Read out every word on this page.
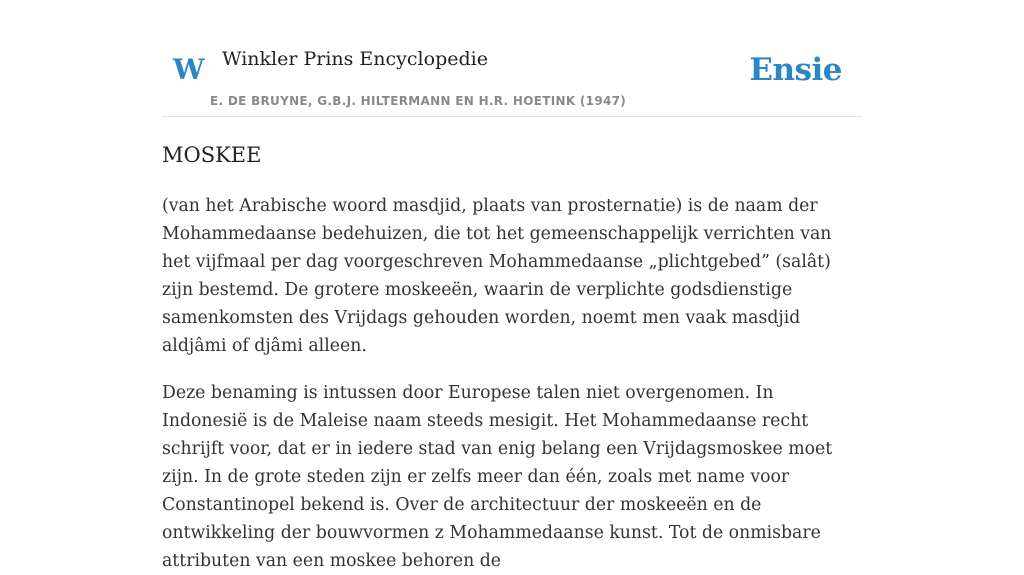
W Winkler Prins Encyclopedie
E. DE BRUYNE, G.B.J. HILTERMANN EN H.R. HOETINK (1947)
Ensie
MOSKEE

(van het Arabische woord masdjid, plaats van prosternatie) is de naam der Mohammedaanse bedehuizen, die tot het gemeenschappelijk verrichten van het vijfmaal per dag voorgeschreven Mohammedaanse „plichtgebed” (salât) zijn bestemd. De grotere moskeeën, waarin de verplichte godsdienstige samenkomsten des Vrijdags gehouden worden, noemt men vaak masdjid aldjâmi of djâmi alleen.

Deze benaming is intussen door Europese talen niet overgenomen. In Indonesië is de Maleise naam steeds mesigit. Het Mohammedaanse recht schrijft voor, dat er in iedere stad van enig belang een Vrijdagsmoskee moet zijn. In de grote steden zijn er zelfs meer dan één, zoals met name voor Constantinopel bekend is. Over de architectuur der moskeeën en de ontwikkeling der bouwvormen z Mohammedaanse kunst. Tot de onmisbare attributen van een moskee behoren de
